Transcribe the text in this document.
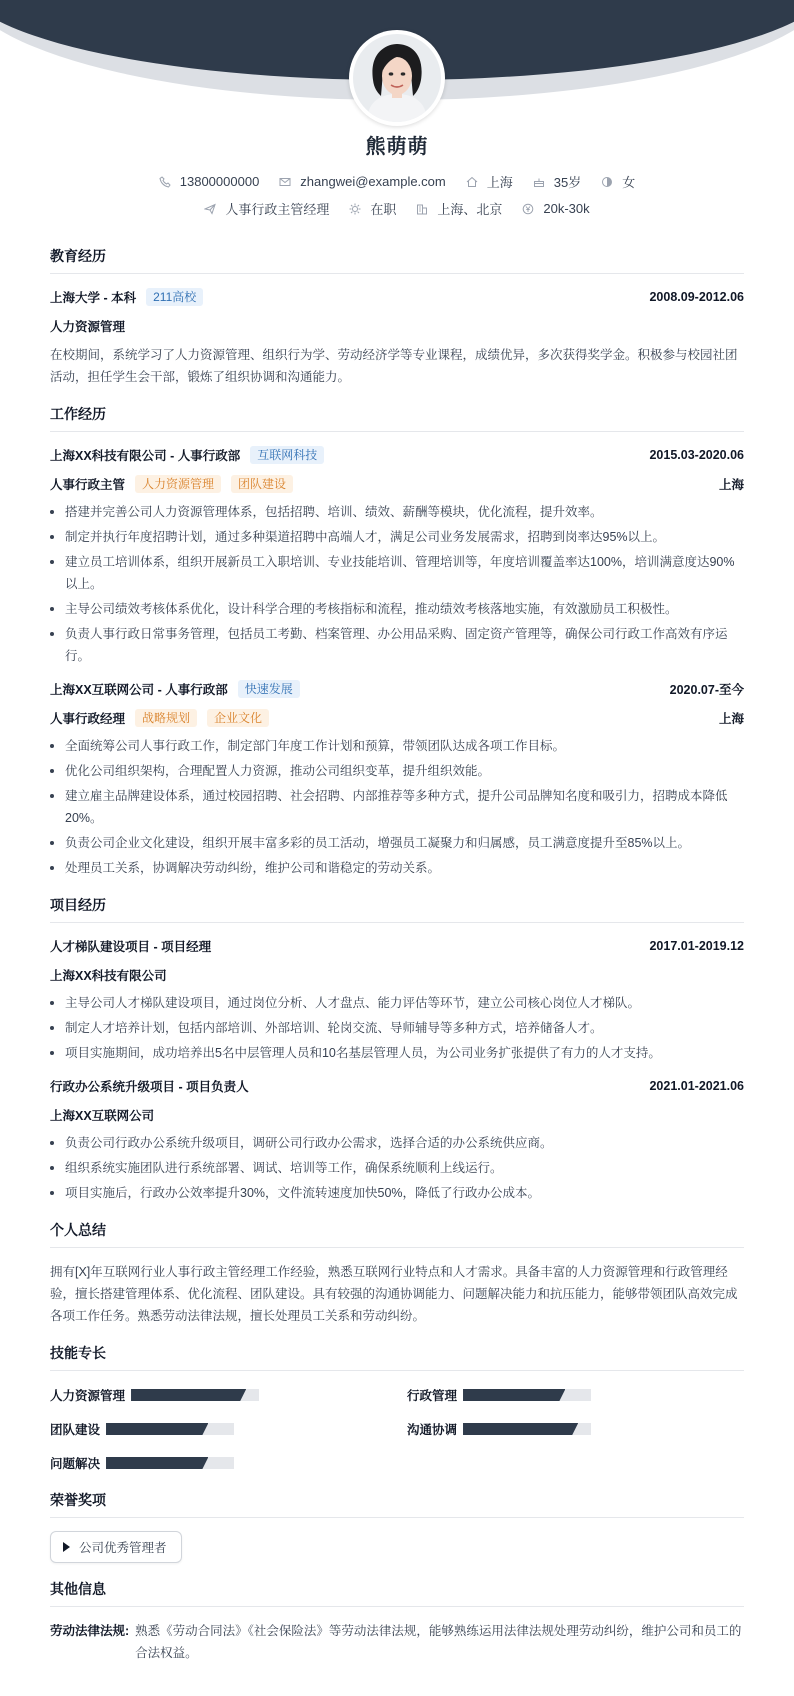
熊萌萌
13800000000	zhangwei@example.com	上海	35岁	女
人事行政主管经理	在职	上海、北京	20k-30k
教育经历
上海大学 - 本科	211高校	2008.09-2012.06
人力资源管理
在校期间，系统学习了人力资源管理、组织行为学、劳动经济学等专业课程，成绩优异，多次获得奖学金。积极参与校园社团活动，担任学生会干部，锻炼了组织协调和沟通能力。
工作经历
上海XX科技有限公司 - 人事行政部	互联网科技	2015.03-2020.06
人事行政主管	人力资源管理	团队建设	上海
搭建并完善公司人力资源管理体系，包括招聘、培训、绩效、薪酬等模块，优化流程，提升效率。
制定并执行年度招聘计划，通过多种渠道招聘中高端人才，满足公司业务发展需求，招聘到岗率达95%以上。
建立员工培训体系，组织开展新员工入职培训、专业技能培训、管理培训等，年度培训覆盖率达100%，培训满意度达90%以上。
主导公司绩效考核体系优化，设计科学合理的考核指标和流程，推动绩效考核落地实施，有效激励员工积极性。
负责人事行政日常事务管理，包括员工考勤、档案管理、办公用品采购、固定资产管理等，确保公司行政工作高效有序运行。
上海XX互联网公司 - 人事行政部	快速发展	2020.07-至今
人事行政经理	战略规划	企业文化	上海
全面统筹公司人事行政工作，制定部门年度工作计划和预算，带领团队达成各项工作目标。
优化公司组织架构，合理配置人力资源，推动公司组织变革，提升组织效能。
建立雇主品牌建设体系，通过校园招聘、社会招聘、内部推荐等多种方式，提升公司品牌知名度和吸引力，招聘成本降低20%。
负责公司企业文化建设，组织开展丰富多彩的员工活动，增强员工凝聚力和归属感，员工满意度提升至85%以上。
处理员工关系，协调解决劳动纠纷，维护公司和谐稳定的劳动关系。
项目经历
人才梯队建设项目 - 项目经理	2017.01-2019.12
上海XX科技有限公司
主导公司人才梯队建设项目，通过岗位分析、人才盘点、能力评估等环节，建立公司核心岗位人才梯队。
制定人才培养计划，包括内部培训、外部培训、轮岗交流、导师辅导等多种方式，培养储备人才。
项目实施期间，成功培养出5名中层管理人员和10名基层管理人员，为公司业务扩张提供了有力的人才支持。
行政办公系统升级项目 - 项目负责人	2021.01-2021.06
上海XX互联网公司
负责公司行政办公系统升级项目，调研公司行政办公需求，选择合适的办公系统供应商。
组织系统实施团队进行系统部署、调试、培训等工作，确保系统顺利上线运行。
项目实施后，行政办公效率提升30%，文件流转速度加快50%，降低了行政办公成本。
个人总结
拥有[X]年互联网行业人事行政主管经理工作经验，熟悉互联网行业特点和人才需求。具备丰富的人力资源管理和行政管理经验，擅长搭建管理体系、优化流程、团队建设。具有较强的沟通协调能力、问题解决能力和抗压能力，能够带领团队高效完成各项工作任务。熟悉劳动法律法规，擅长处理员工关系和劳动纠纷。
技能专长
人力资源管理	行政管理
团队建设	沟通协调
问题解决
荣誉奖项
公司优秀管理者
其他信息
劳动法律法规: 熟悉《劳动合同法》《社会保险法》等劳动法律法规，能够熟练运用法律法规处理劳动纠纷，维护公司和员工的合法权益。
